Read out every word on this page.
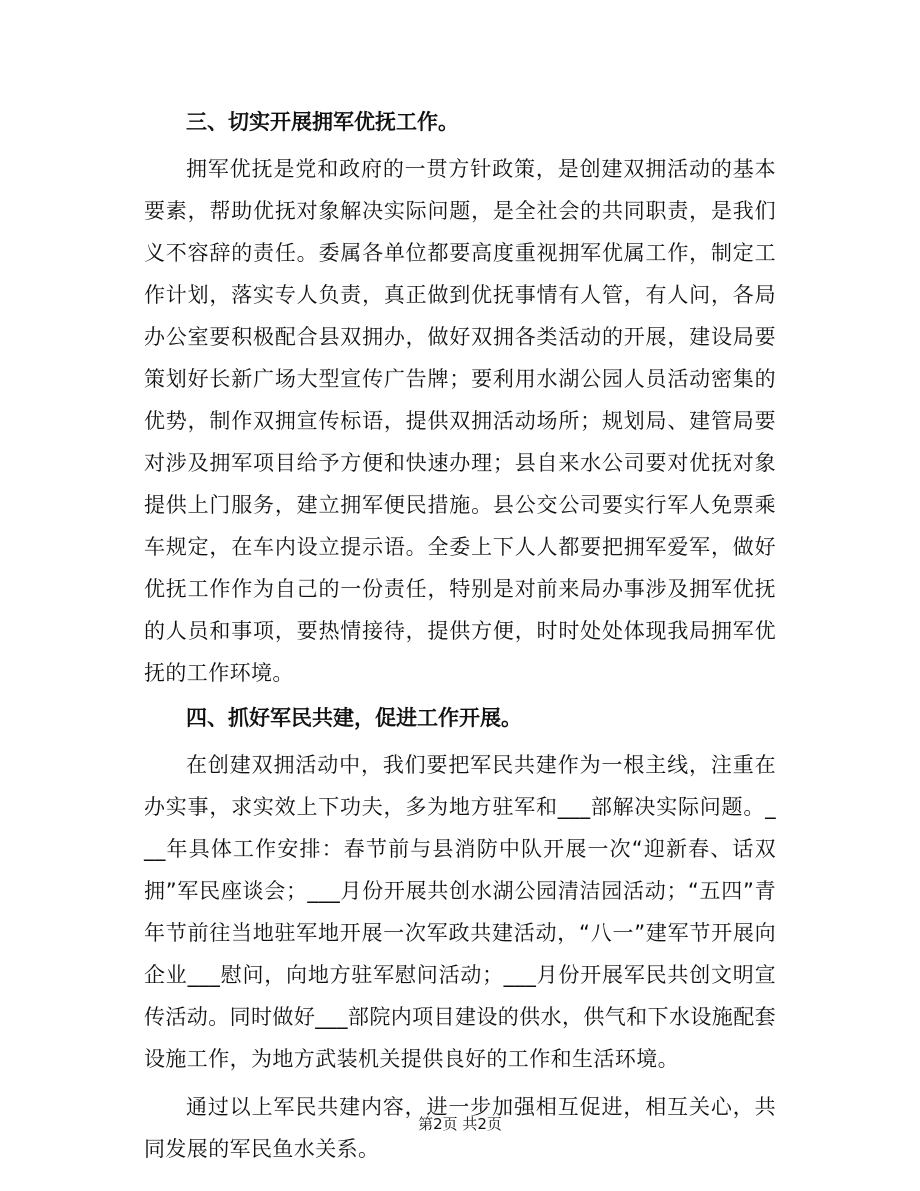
三、切实开展拥军优抚工作。

拥军优抚是党和政府的一贯方针政策，是创建双拥活动的基本要素，帮助优抚对象解决实际问题，是全社会的共同职责，是我们义不容辞的责任。委属各单位都要高度重视拥军优属工作，制定工作计划，落实专人负责，真正做到优抚事情有人管，有人问，各局办公室要积极配合县双拥办，做好双拥各类活动的开展，建设局要策划好长新广场大型宣传广告牌；要利用水湖公园人员活动密集的优势，制作双拥宣传标语，提供双拥活动场所；规划局、建管局要对涉及拥军项目给予方便和快速办理；县自来水公司要对优抚对象提供上门服务，建立拥军便民措施。县公交公司要实行军人免票乘车规定，在车内设立提示语。全委上下人人都要把拥军爱军，做好优抚工作作为自己的一份责任，特别是对前来局办事涉及拥军优抚的人员和事项，要热情接待，提供方便，时时处处体现我局拥军优抚的工作环境。

四、抓好军民共建，促进工作开展。

在创建双拥活动中，我们要把军民共建作为一根主线，注重在办实事，求实效上下功夫，多为地方驻军和___部解决实际问题。___年具体工作安排：春节前与县消防中队开展一次“迎新春、话双拥”军民座谈会；___月份开展共创水湖公园清洁园活动；“五四”青年节前往当地驻军地开展一次军政共建活动，“八一”建军节开展向企业___慰问，向地方驻军慰问活动；___月份开展军民共创文明宣传活动。同时做好___部院内项目建设的供水，供气和下水设施配套设施工作，为地方武装机关提供良好的工作和生活环境。

通过以上军民共建内容，进一步加强相互促进，相互关心，共同发展的军民鱼水关系。

第2页 共2页
